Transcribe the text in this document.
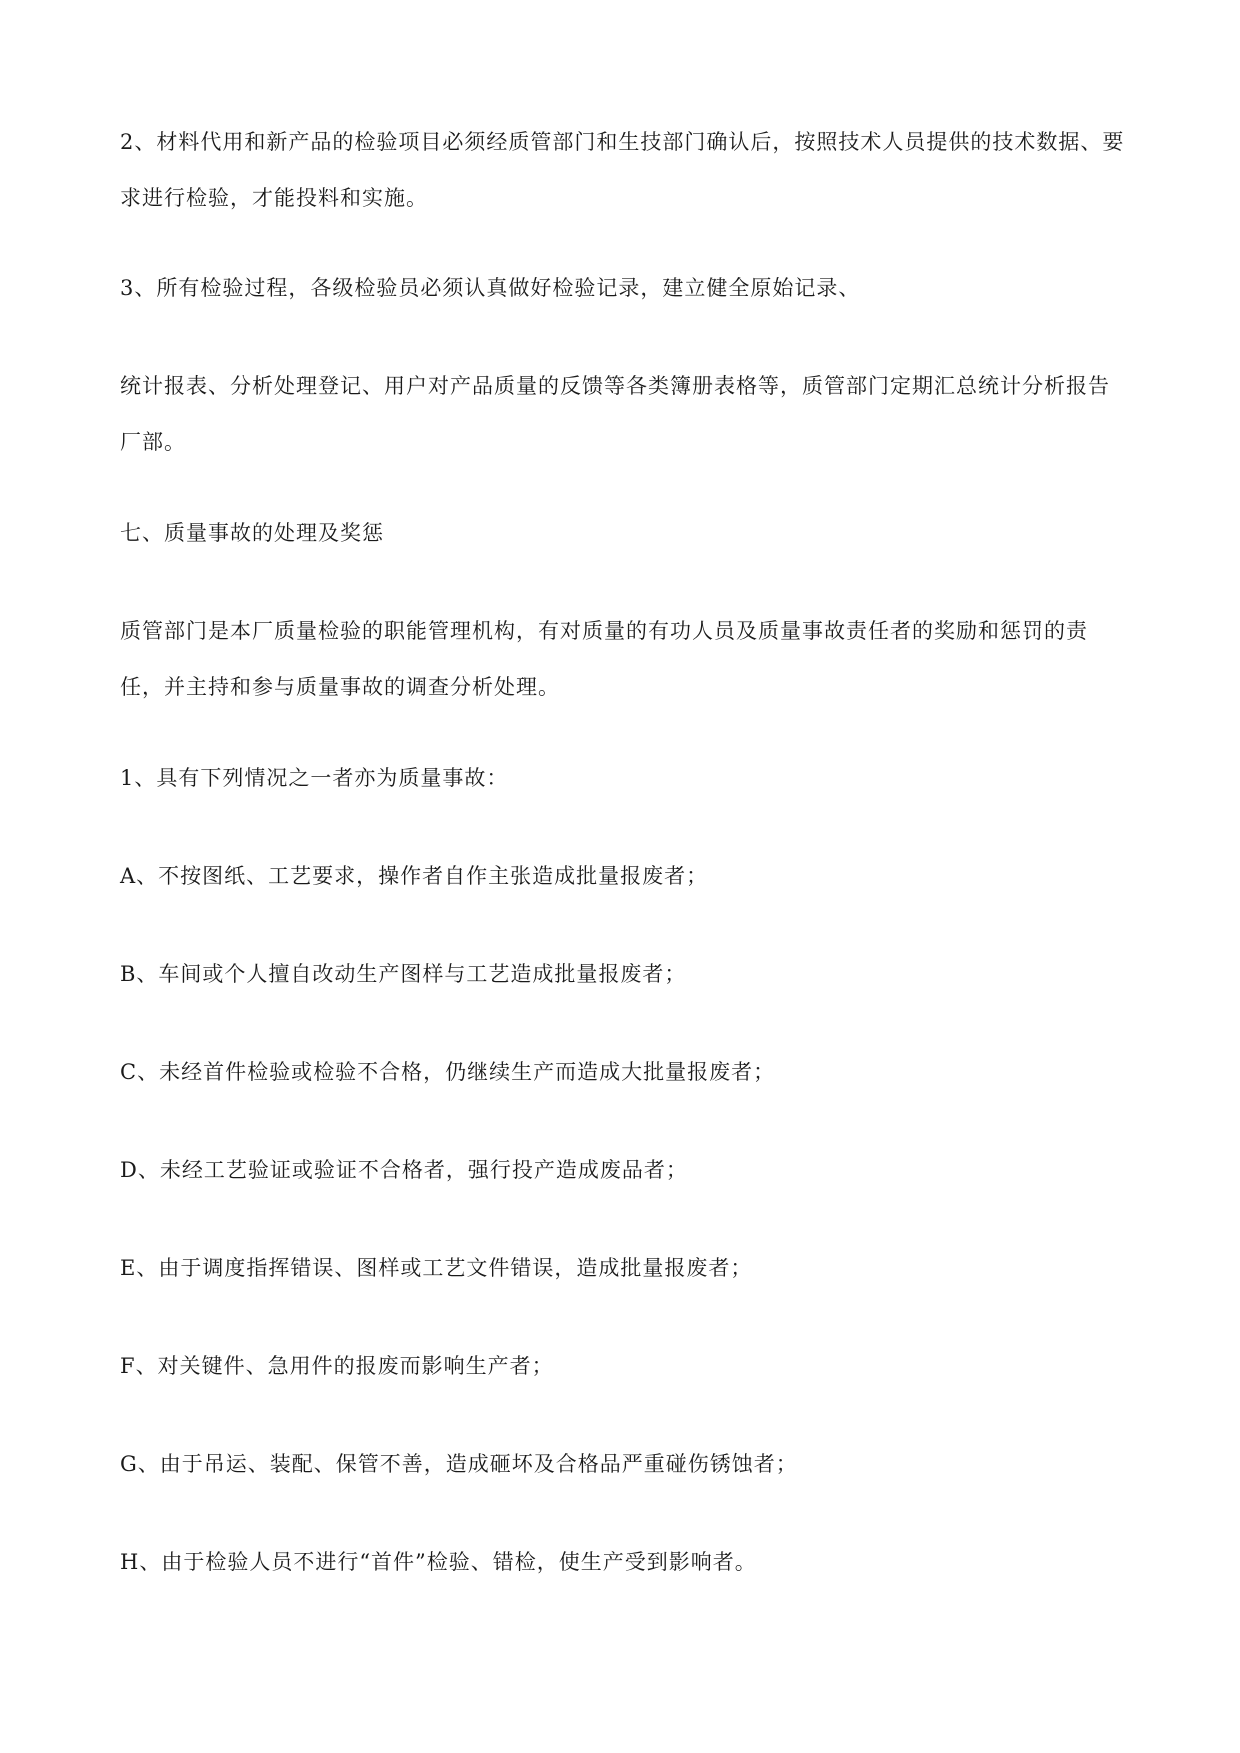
2、材料代用和新产品的检验项目必须经质管部门和生技部门确认后，按照技术人员提供的技术数据、要求进行检验，才能投料和实施。

3、所有检验过程，各级检验员必须认真做好检验记录，建立健全原始记录、

统计报表、分析处理登记、用户对产品质量的反馈等各类簿册表格等，质管部门定期汇总统计分析报告厂部。

七、质量事故的处理及奖惩

质管部门是本厂质量检验的职能管理机构，有对质量的有功人员及质量事故责任者的奖励和惩罚的责任，并主持和参与质量事故的调查分析处理。

1、具有下列情况之一者亦为质量事故：

A、不按图纸、工艺要求，操作者自作主张造成批量报废者；

B、车间或个人擅自改动生产图样与工艺造成批量报废者；

C、未经首件检验或检验不合格，仍继续生产而造成大批量报废者；

D、未经工艺验证或验证不合格者，强行投产造成废品者；

E、由于调度指挥错误、图样或工艺文件错误，造成批量报废者；

F、对关键件、急用件的报废而影响生产者；

G、由于吊运、装配、保管不善，造成砸坏及合格品严重碰伤锈蚀者；

H、由于检验人员不进行“首件”检验、错检，使生产受到影响者。
